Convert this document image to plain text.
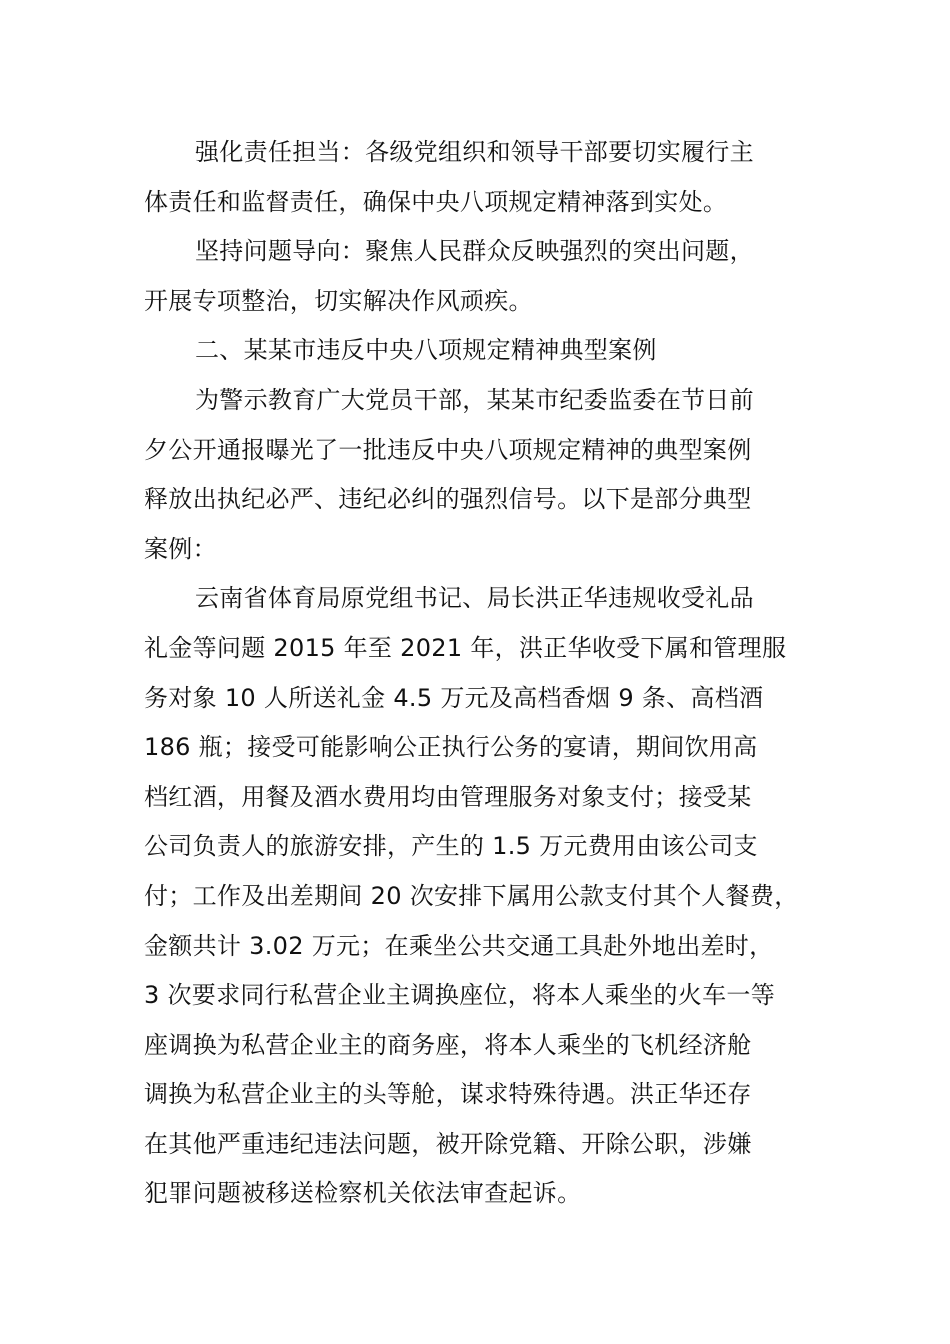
强化责任担当：各级党组织和领导干部要切实履行主
体责任和监督责任，确保中央八项规定精神落到实处。

坚持问题导向：聚焦人民群众反映强烈的突出问题，
开展专项整治，切实解决作风顽疾。

二、某某市违反中央八项规定精神典型案例

为警示教育广大党员干部，某某市纪委监委在节日前
夕公开通报曝光了一批违反中央八项规定精神的典型案例
释放出执纪必严、违纪必纠的强烈信号。以下是部分典型
案例：

云南省体育局原党组书记、局长洪正华违规收受礼品
礼金等问题 2015 年至 2021 年，洪正华收受下属和管理服
务对象 10 人所送礼金 4.5 万元及高档香烟 9 条、高档酒
186 瓶；接受可能影响公正执行公务的宴请，期间饮用高
档红酒，用餐及酒水费用均由管理服务对象支付；接受某
公司负责人的旅游安排，产生的 1.5 万元费用由该公司支
付；工作及出差期间 20 次安排下属用公款支付其个人餐费，
金额共计 3.02 万元；在乘坐公共交通工具赴外地出差时，
3 次要求同行私营企业主调换座位，将本人乘坐的火车一等
座调换为私营企业主的商务座，将本人乘坐的飞机经济舱
调换为私营企业主的头等舱，谋求特殊待遇。洪正华还存
在其他严重违纪违法问题，被开除党籍、开除公职，涉嫌
犯罪问题被移送检察机关依法审查起诉。
